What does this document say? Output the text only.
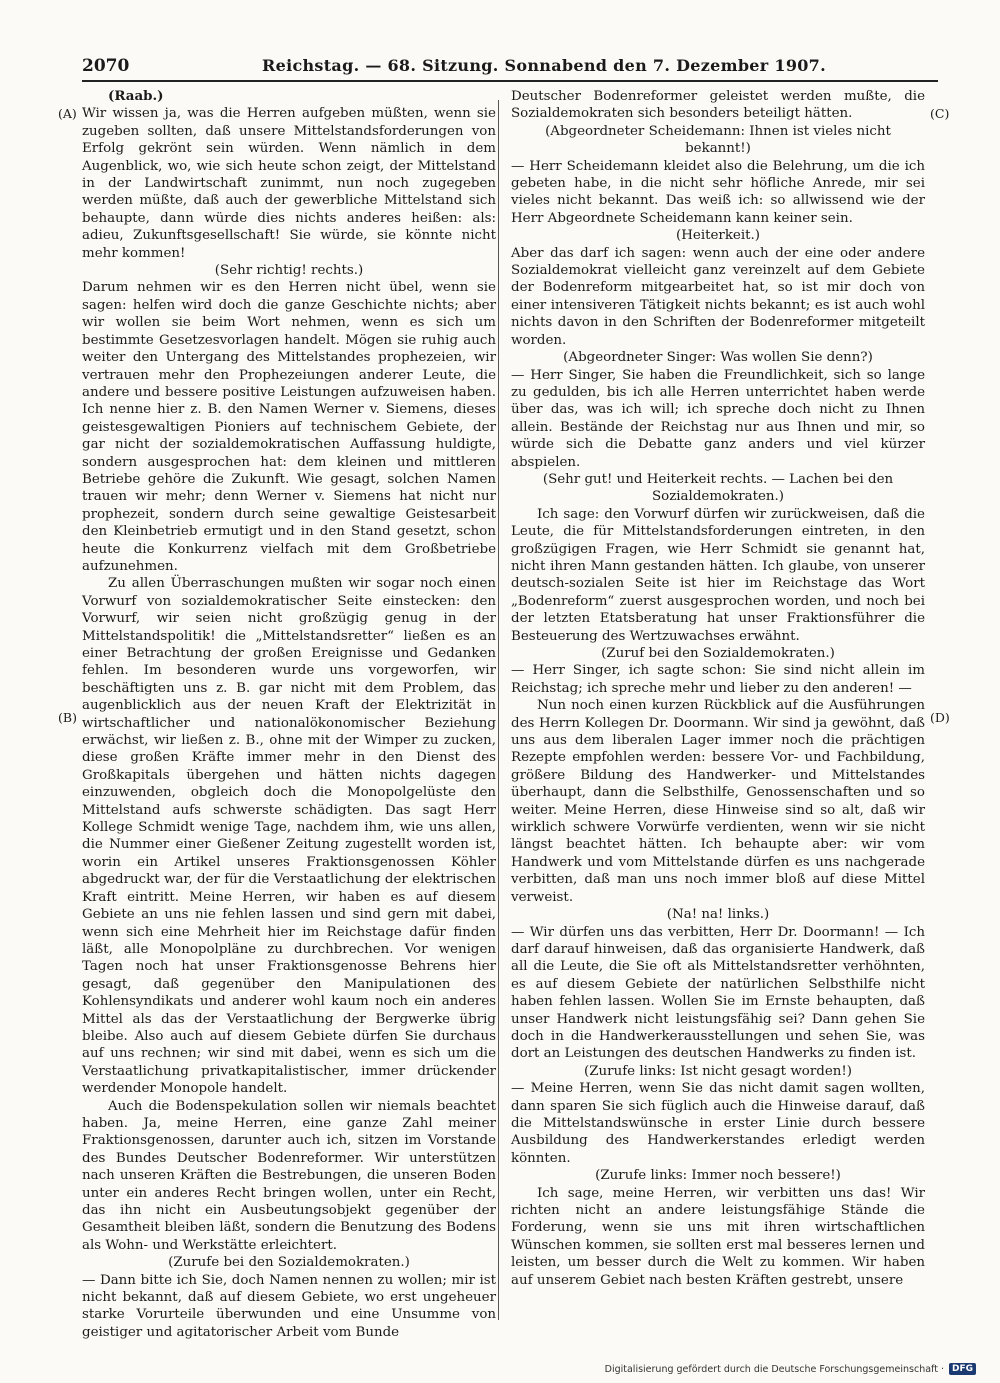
2070	Reichstag. — 68. Sitzung. Sonnabend den 7. Dezember 1907.
(A)
(B)
(C)
(D)

(Raab.)

Wir wissen ja, was die Herren aufgeben müßten, wenn sie zugeben sollten, daß unsere Mittelstandsforderungen von Erfolg gekrönt sein würden. Wenn nämlich in dem Augenblick, wo, wie sich heute schon zeigt, der Mittelstand in der Landwirtschaft zunimmt, nun noch zugegeben werden müßte, daß auch der gewerbliche Mittelstand sich behaupte, dann würde dies nichts anderes heißen: als: adieu, Zukunftsgesellschaft! Sie würde, sie könnte nicht mehr kommen!

(Sehr richtig! rechts.)

Darum nehmen wir es den Herren nicht übel, wenn sie sagen: helfen wird doch die ganze Geschichte nichts; aber wir wollen sie beim Wort nehmen, wenn es sich um bestimmte Gesetzesvorlagen handelt. Mögen sie ruhig auch weiter den Untergang des Mittelstandes prophezeien, wir vertrauen mehr den Prophezeiungen anderer Leute, die andere und bessere positive Leistungen aufzuweisen haben. Ich nenne hier z. B. den Namen Werner v. Siemens, dieses geistesgewaltigen Pioniers auf technischem Gebiete, der gar nicht der sozialdemokratischen Auffassung huldigte, sondern ausgesprochen hat: dem kleinen und mittleren Betriebe gehöre die Zukunft. Wie gesagt, solchen Namen trauen wir mehr; denn Werner v. Siemens hat nicht nur prophezeit, sondern durch seine gewaltige Geistesarbeit den Kleinbetrieb ermutigt und in den Stand gesetzt, schon heute die Konkurrenz vielfach mit dem Großbetriebe aufzunehmen.

Zu allen Überraschungen mußten wir sogar noch einen Vorwurf von sozialdemokratischer Seite einstecken: den Vorwurf, wir seien nicht großzügig genug in der Mittelstandspolitik! die „Mittelstandsretter“ ließen es an einer Betrachtung der großen Ereignisse und Gedanken fehlen. Im besonderen wurde uns vorgeworfen, wir beschäftigten uns z. B. gar nicht mit dem Problem, das augenblicklich aus der neuen Kraft der Elektrizität in wirtschaftlicher und nationalökonomischer Beziehung erwächst, wir ließen z. B., ohne mit der Wimper zu zucken, diese großen Kräfte immer mehr in den Dienst des Großkapitals übergehen und hätten nichts dagegen einzuwenden, obgleich doch die Monopolgelüste den Mittelstand aufs schwerste schädigten. Das sagt Herr Kollege Schmidt wenige Tage, nachdem ihm, wie uns allen, die Nummer einer Gießener Zeitung zugestellt worden ist, worin ein Artikel unseres Fraktionsgenossen Köhler abgedruckt war, der für die Verstaatlichung der elektrischen Kraft eintritt. Meine Herren, wir haben es auf diesem Gebiete an uns nie fehlen lassen und sind gern mit dabei, wenn sich eine Mehrheit hier im Reichstage dafür finden läßt, alle Monopolpläne zu durchbrechen. Vor wenigen Tagen noch hat unser Fraktionsgenosse Behrens hier gesagt, daß gegenüber den Manipulationen des Kohlensyndikats und anderer wohl kaum noch ein anderes Mittel als das der Verstaatlichung der Bergwerke übrig bleibe. Also auch auf diesem Gebiete dürfen Sie durchaus auf uns rechnen; wir sind mit dabei, wenn es sich um die Verstaatlichung privatkapitalistischer, immer drückender werdender Monopole handelt.

Auch die Bodenspekulation sollen wir niemals beachtet haben. Ja, meine Herren, eine ganze Zahl meiner Fraktionsgenossen, darunter auch ich, sitzen im Vorstande des Bundes Deutscher Bodenreformer. Wir unterstützen nach unseren Kräften die Bestrebungen, die unseren Boden unter ein anderes Recht bringen wollen, unter ein Recht, das ihn nicht ein Ausbeutungsobjekt gegenüber der Gesamtheit bleiben läßt, sondern die Benutzung des Bodens als Wohn- und Werkstätte erleichtert.

(Zurufe bei den Sozialdemokraten.)

— Dann bitte ich Sie, doch Namen nennen zu wollen; mir ist nicht bekannt, daß auf diesem Gebiete, wo erst ungeheuer starke Vorurteile überwunden und eine Unsumme von geistiger und agitatorischer Arbeit vom Bunde

Deutscher Bodenreformer geleistet werden mußte, die Sozialdemokraten sich besonders beteiligt hätten.

(Abgeordneter Scheidemann: Ihnen ist vieles nicht bekannt!)

— Herr Scheidemann kleidet also die Belehrung, um die ich gebeten habe, in die nicht sehr höfliche Anrede, mir sei vieles nicht bekannt. Das weiß ich: so allwissend wie der Herr Abgeordnete Scheidemann kann keiner sein.

(Heiterkeit.)

Aber das darf ich sagen: wenn auch der eine oder andere Sozialdemokrat vielleicht ganz vereinzelt auf dem Gebiete der Bodenreform mitgearbeitet hat, so ist mir doch von einer intensiveren Tätigkeit nichts bekannt; es ist auch wohl nichts davon in den Schriften der Bodenreformer mitgeteilt worden.

(Abgeordneter Singer: Was wollen Sie denn?)

— Herr Singer, Sie haben die Freundlichkeit, sich so lange zu gedulden, bis ich alle Herren unterrichtet haben werde über das, was ich will; ich spreche doch nicht zu Ihnen allein. Bestände der Reichstag nur aus Ihnen und mir, so würde sich die Debatte ganz anders und viel kürzer abspielen.

(Sehr gut! und Heiterkeit rechts. — Lachen bei den Sozialdemokraten.)

Ich sage: den Vorwurf dürfen wir zurückweisen, daß die Leute, die für Mittelstandsforderungen eintreten, in den großzügigen Fragen, wie Herr Schmidt sie genannt hat, nicht ihren Mann gestanden hätten. Ich glaube, von unserer deutsch-sozialen Seite ist hier im Reichstage das Wort „Bodenreform“ zuerst ausgesprochen worden, und noch bei der letzten Etatsberatung hat unser Fraktionsführer die Besteuerung des Wertzuwachses erwähnt.

(Zuruf bei den Sozialdemokraten.)

— Herr Singer, ich sagte schon: Sie sind nicht allein im Reichstag; ich spreche mehr und lieber zu den anderen! —

Nun noch einen kurzen Rückblick auf die Ausführungen des Herrn Kollegen Dr. Doormann. Wir sind ja gewöhnt, daß uns aus dem liberalen Lager immer noch die prächtigen Rezepte empfohlen werden: bessere Vor- und Fachbildung, größere Bildung des Handwerker- und Mittelstandes überhaupt, dann die Selbsthilfe, Genossenschaften und so weiter. Meine Herren, diese Hinweise sind so alt, daß wir wirklich schwere Vorwürfe verdienten, wenn wir sie nicht längst beachtet hätten. Ich behaupte aber: wir vom Handwerk und vom Mittelstande dürfen es uns nachgerade verbitten, daß man uns noch immer bloß auf diese Mittel verweist.

(Na! na! links.)

— Wir dürfen uns das verbitten, Herr Dr. Doormann! — Ich darf darauf hinweisen, daß das organisierte Handwerk, daß all die Leute, die Sie oft als Mittelstandsretter verhöhnten, es auf diesem Gebiete der natürlichen Selbsthilfe nicht haben fehlen lassen. Wollen Sie im Ernste behaupten, daß unser Handwerk nicht leistungsfähig sei? Dann gehen Sie doch in die Handwerkerausstellungen und sehen Sie, was dort an Leistungen des deutschen Handwerks zu finden ist.

(Zurufe links: Ist nicht gesagt worden!)

— Meine Herren, wenn Sie das nicht damit sagen wollten, dann sparen Sie sich füglich auch die Hinweise darauf, daß die Mittelstandswünsche in erster Linie durch bessere Ausbildung des Handwerkerstandes erledigt werden könnten.

(Zurufe links: Immer noch bessere!)

Ich sage, meine Herren, wir verbitten uns das! Wir richten nicht an andere leistungsfähige Stände die Forderung, wenn sie uns mit ihren wirtschaftlichen Wünschen kommen, sie sollten erst mal besseres lernen und leisten, um besser durch die Welt zu kommen. Wir haben auf unserem Gebiet nach besten Kräften gestrebt, unsere

Digitalisierung gefördert durch die Deutsche Forschungsgemeinschaft · DFG
